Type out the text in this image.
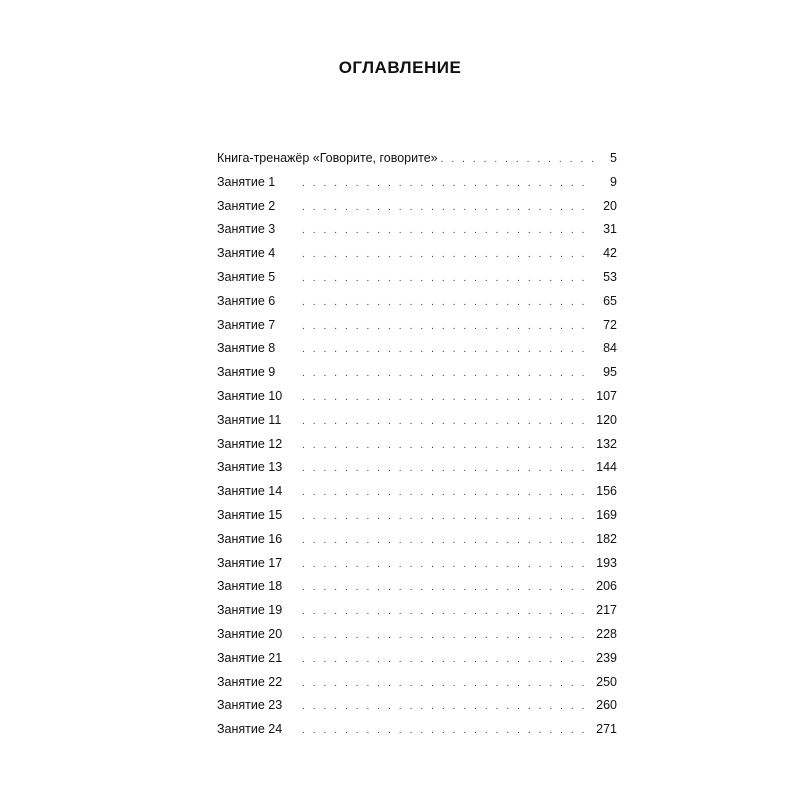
ОГЛАВЛЕНИЕ
Книга-тренажёр «Говорите, говорите» . . .	5
Занятие 1 . . .	9
Занятие 2 . . .	20
Занятие 3 . . .	31
Занятие 4 . . .	42
Занятие 5 . . .	53
Занятие 6 . . .	65
Занятие 7 . . .	72
Занятие 8 . . .	84
Занятие 9 . . .	95
Занятие 10 . . .	107
Занятие 11 . . .	120
Занятие 12 . . .	132
Занятие 13 . . .	144
Занятие 14 . . .	156
Занятие 15 . . .	169
Занятие 16 . . .	182
Занятие 17 . . .	193
Занятие 18 . . .	206
Занятие 19 . . .	217
Занятие 20 . . .	228
Занятие 21 . . .	239
Занятие 22 . . .	250
Занятие 23 . . .	260
Занятие 24 . . .	271
